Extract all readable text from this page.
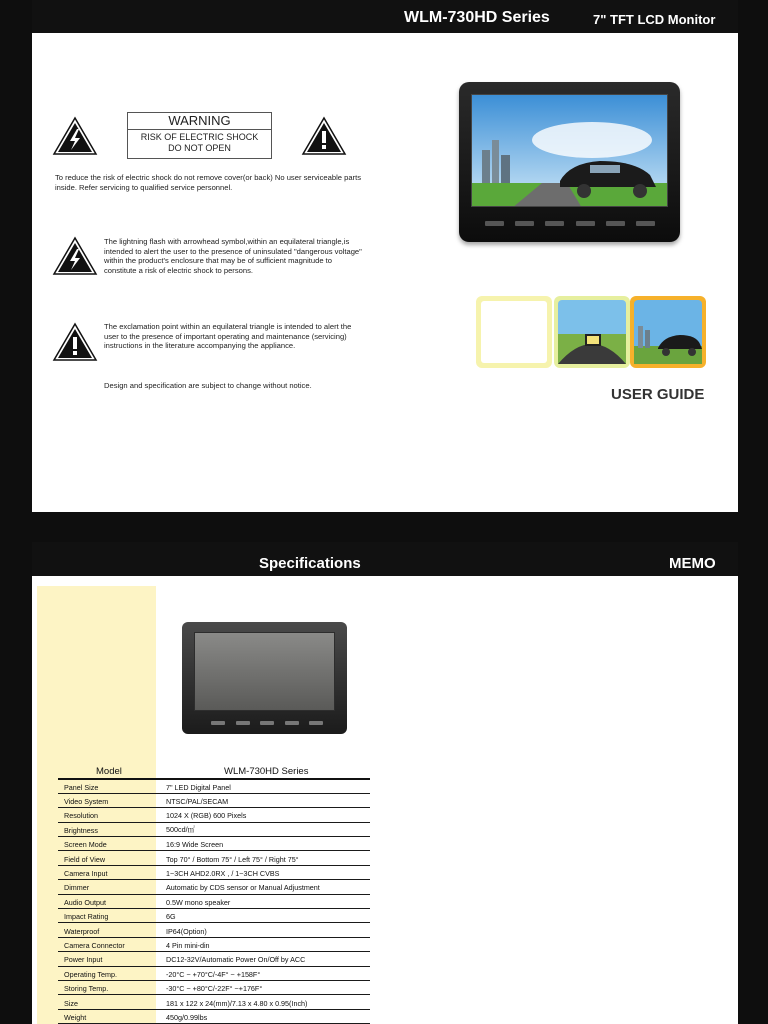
WLM-730HD Series	7" TFT LCD Monitor
WARNING
RISK OF ELECTRIC SHOCK
DO NOT OPEN
To reduce the risk of electric shock do not remove cover(or back) No user serviceable parts inside. Refer servicing to qualified service personnel.
The lightning flash with arrowhead symbol,within an equilateral triangle,is intended to alert the user to the presence of uninsulated "dangerous voltage" within the product's enclosure that may be of sufficient magnitude to constitute a risk of electric shock to persons.
The exclamation point within an equilateral triangle is intended to alert the user to the presence of important operating and maintenance (servicing) instructions in the literature accompanying the appliance.
Design and specification are subject to change without notice.
USER GUIDE
Specifications	MEMO
Model	WLM-730HD Series
Panel Size	7" LED Digital Panel
Video System	NTSC/PAL/SECAM
Resolution	1024 X (RGB) 600 Pixels
Brightness	500cd/㎡
Screen Mode	16:9 Wide Screen
Field of View	Top 70° / Bottom 75° / Left 75° / Right 75°
Camera Input	1~3CH AHD2.0RX , / 1~3CH CVBS
Dimmer	Automatic by CDS sensor or Manual Adjustment
Audio Output	0.5W mono speaker
Impact Rating	6G
Waterproof	IP64(Option)
Camera Connector	4 Pin mini-din
Power Input	DC12-32V/Automatic Power On/Off by ACC
Operating Temp.	-20°C ~ +70°C/-4F° ~ +158F°
Storing Temp.	-30°C ~ +80°C/-22F° ~+176F°
Size	181 x 122 x 24(mm)/7.13 x 4.80 x 0.95(Inch)
Weight	450g/0.99lbs
